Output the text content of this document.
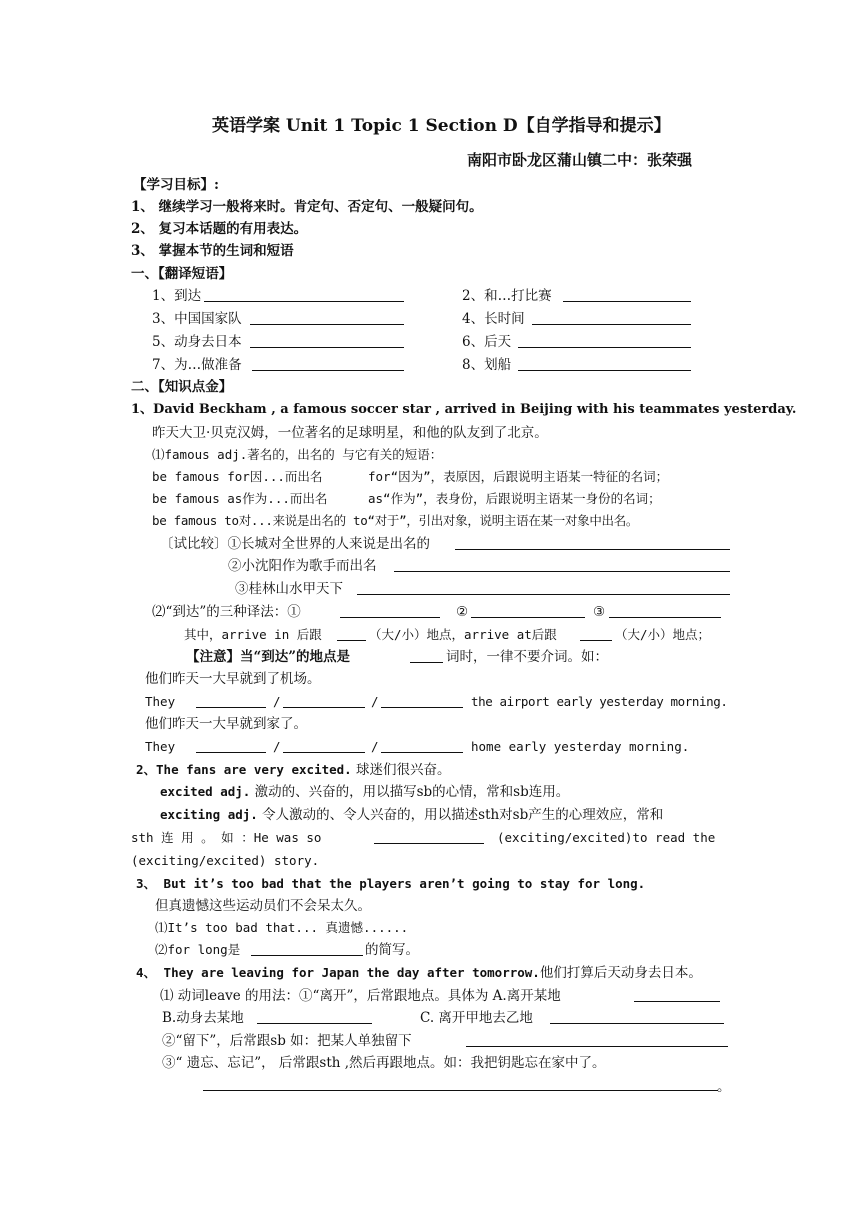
英语学案 Unit 1 Topic 1 Section D【自学指导和提示】
南阳市卧龙区蒲山镇二中：张荣强
【学习目标】:
1、 继续学习一般将来时。肯定句、否定句、一般疑问句。
2、 复习本话题的有用表达。
3、 掌握本节的生词和短语
一、【翻译短语】
1、到达	2、和…打比赛
3、中国国家队	4、长时间
5、动身去日本	6、后天
7、为…做准备	8、划船
二、【知识点金】
1、David Beckham , a famous soccer star , arrived in Beijing with his teammates yesterday.
昨天大卫·贝克汉姆，一位著名的足球明星，和他的队友到了北京。
⑴famous adj.著名的，出名的 与它有关的短语：
be famous for因...而出名	for“因为”，表原因，后跟说明主语某一特征的名词；
be famous as作为...而出名	as“作为”，表身份，后跟说明主语某一身份的名词；
be famous to对...来说是出名的 to“对于”，引出对象，说明主语在某一对象中出名。
〔试比较〕①长城对全世界的人来说是出名的
②小沈阳作为歌手而出名
③桂林山水甲天下
⑵“到达”的三种译法：①	②	③
其中，arrive in 后跟	（大/小）地点，arrive at后跟	（大/小）地点；
【注意】当“到达”的地点是	词时，一律不要介词。如：
他们昨天一大早就到了机场。
They	/	/	the airport early yesterday morning.
他们昨天一大早就到家了。
They	/	/	home early yesterday morning.
2、The fans are very excited. 球迷们很兴奋。
excited adj. 激动的、兴奋的，用以描写sb的心情，常和sb连用。
exciting adj. 令人激动的、令人兴奋的，用以描述sth对sb产生的心理效应，常和
sth 连 用 。 如 ：He was so	(exciting/excited)to read the
(exciting/excited) story.
3、 But it’s too bad that the players aren’t going to stay for long.
但真遗憾这些运动员们不会呆太久。
⑴It’s too bad that... 真遗憾......
⑵for long是	的简写。
4、 They are leaving for Japan the day after tomorrow.他们打算后天动身去日本。
⑴ 动词leave 的用法：①“离开”，后常跟地点。具体为 A.离开某地
B.动身去某地	C. 离开甲地去乙地
②“留下”，后常跟sb 如：把某人单独留下
③“ 遗忘、忘记”， 后常跟sth ,然后再跟地点。如：我把钥匙忘在家中了。
。
